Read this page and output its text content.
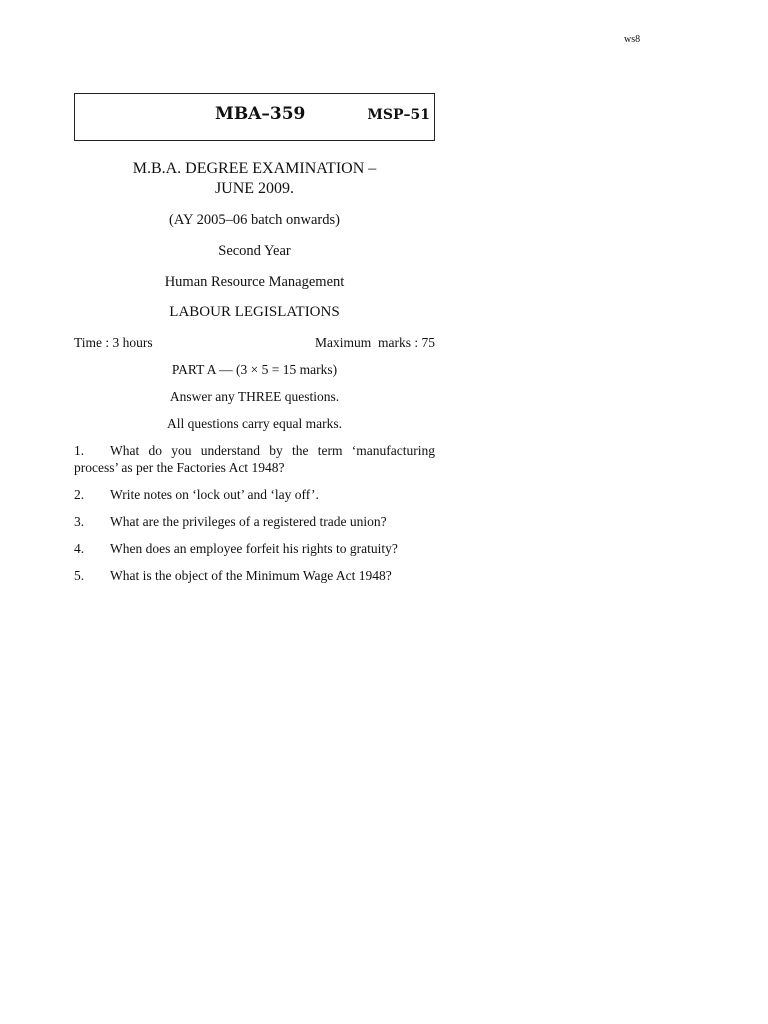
ws8
MBA–359	MSP–51
M.B.A. DEGREE EXAMINATION –
JUNE 2009.
(AY 2005–06 batch onwards)
Second Year
Human Resource Management
LABOUR LEGISLATIONS
Time : 3 hours	Maximum  marks : 75
PART A — (3 × 5 = 15 marks)
Answer any THREE questions.
All questions carry equal marks.
1. What do you understand by the term ‘manufacturing process’ as per the Factories Act 1948?
2. Write notes on ‘lock out’ and ‘lay off’.
3. What are the privileges of a registered trade union?
4. When does an employee forfeit his rights to gratuity?
5. What is the object of the Minimum Wage Act 1948?
